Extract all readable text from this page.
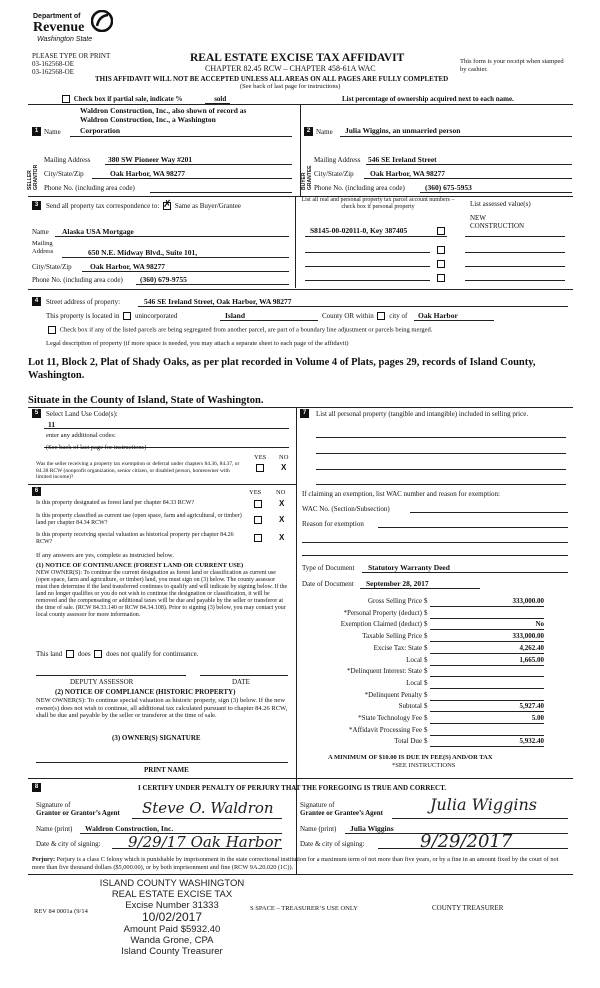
Department of
Revenue
Washington State
PLEASE TYPE OR PRINT
03-162568-OE
03-162568-OE
REAL ESTATE EXCISE TAX AFFIDAVIT
CHAPTER 82.45 RCW – CHAPTER 458-61A WAC
This form is your receipt when stamped by cashier.
THIS AFFIDAVIT WILL NOT BE ACCEPTED UNLESS ALL AREAS ON ALL PAGES ARE FULLY COMPLETED
(See back of last page for instructions)
Check box if partial sale, indicate %	sold	List percentage of ownership acquired next to each name.
1
Waldron Construction, Inc., also shown of record as
Waldron Construction, Inc., a Washington
Name	Corporation
SELLER GRANTOR
Mailing Address 380 SW Pioneer Way #201
City/State/Zip	Oak Harbor, WA 98277
Phone No. (including area code)
2 Name Julia Wiggins, an unmarried person
BUYER GRANTEE
Mailing Address 546 SE Ireland Street
City/State/Zip Oak Harbor, WA 98277
Phone No. (including area code)	(360) 675-5953
3	Send all property tax correspondence to: ✗ Same as Buyer/Grantee
List all real and personal property tax parcel account numbers – check box if personal property	List assessed value(s)
Name Alaska USA Mortgage
Mailing Address	650 N.E. Midway Blvd., Suite 101,
City/State/Zip Oak Harbor, WA 98277
Phone No. (including area code) (360) 679-9755
S8145-00-02011-0, Key 387405
NEW CONSTRUCTION
4	Street address of property:	546 SE Ireland Street, Oak Harbor, WA 98277
This property is located in unincorporated	Island	County OR within city of Oak Harbor
Check box if any of the listed parcels are being segregated from another parcel, are part of a boundary line adjustment or parcels being merged.
Legal description of property (if more space is needed, you may attach a separate sheet to each page of the affidavit)
Lot 11, Block 2, Plat of Shady Oaks, as per plat recorded in Volume 4 of Plats, pages 29, records of Island County,
Washington.
Situate in the County of Island, State of Washington.
5	Select Land Use Code(s):
11
enter any additional codes:
(See back of last page for instructions)
YES NO
Was the seller receiving a property tax exemption or deferral under chapters 84.36, 84.37, or 84.38 RCW (nonprofit organization, senior citizen, or disabled person, homeowner with limited income)?
X
6	YES NO
Is this property designated as forest land per chapter 84.33 RCW?	X
Is this property classified as current use (open space, farm and agricultural, or timber) land per chapter 84.34 RCW?	X
Is this property receiving special valuation as historical property per chapter 84.26 RCW?	X
If any answers are yes, complete as instructed below.
(1) NOTICE OF CONTINUANCE (FOREST LAND OR CURRENT USE)
NEW OWNER(S): To continue the current designation as forest land or classification as current use (open space, farm and agriculture, or timber) land, you must sign on (3) below. The county assessor must then determine if the land transferred continues to qualify and will indicate by signing below. If the land no longer qualifies or you do not wish to continue the designation or classification, it will be removed and the compensating or additional taxes will be due and payable by the seller or transferor at the time of sale. (RCW 84.33.140 or RCW 84.34.108). Prior to signing (3) below, you may contact your local county assessor for more information.
This land does does not qualify for continuance.
DEPUTY ASSESSOR	DATE
(2) NOTICE OF COMPLIANCE (HISTORIC PROPERTY)
NEW OWNER(S): To continue special valuation as historic property, sign (3) below. If the new owner(s) does not wish to continue, all additional tax calculated pursuant to chapter 84.26 RCW, shall be due and payable by the seller or transferor at the time of sale.
(3) OWNER(S) SIGNATURE
PRINT NAME
7	List all personal property (tangible and intangible) included in selling price.
If claiming an exemption, list WAC number and reason for exemption:
WAC No. (Section/Subsection)
Reason for exemption
Type of Document Statutory Warranty Deed
Date of Document September 28, 2017
Gross Selling Price $	333,000.00
*Personal Property (deduct) $
Exemption Claimed (deduct) $	No
Taxable Selling Price $	333,000.00
Excise Tax: State $	4,262.40
Local $	1,665.00
*Delinquent Interest: State $
Local $
*Delinquent Penalty $
Subtotal $	5,927.40
*State Technology Fee $	5.00
*Affidavit Processing Fee $
Total Due $	5,932.40
A MINIMUM OF $10.00 IS DUE IN FEE(S) AND/OR TAX
*SEE INSTRUCTIONS
8	I CERTIFY UNDER PENALTY OF PERJURY THAT THE FOREGOING IS TRUE AND CORRECT.
Signature of
Grantor or Grantor’s Agent Steve O. Waldron	Signature of
Grantee or Grantee’s Agent	Julia Wiggins
Name (print) Waldron Construction, Inc.	Name (print) Julia Wiggins
Date & city of signing: 9/29/17 Oak Harbor	Date & city of signing:	9/29/2017
Perjury: Perjury is a class C felony which is punishable by imprisonment in the state correctional institution for a maximum term of not more than five years, or by a fine in an amount fixed by the court of not more than five thousand dollars ($5,000.00), or by both imprisonment and fine (RCW 9A.20.020 (1C)).
REV 84 0001a (9/14
ISLAND COUNTY WASHINGTON
REAL ESTATE EXCISE TAX
Excise Number 31333
10/02/2017
Amount Paid $5932.40
Wanda Grone, CPA
Island County Treasurer
S SPACE – TREASURER’S USE ONLY	COUNTY TREASURER
